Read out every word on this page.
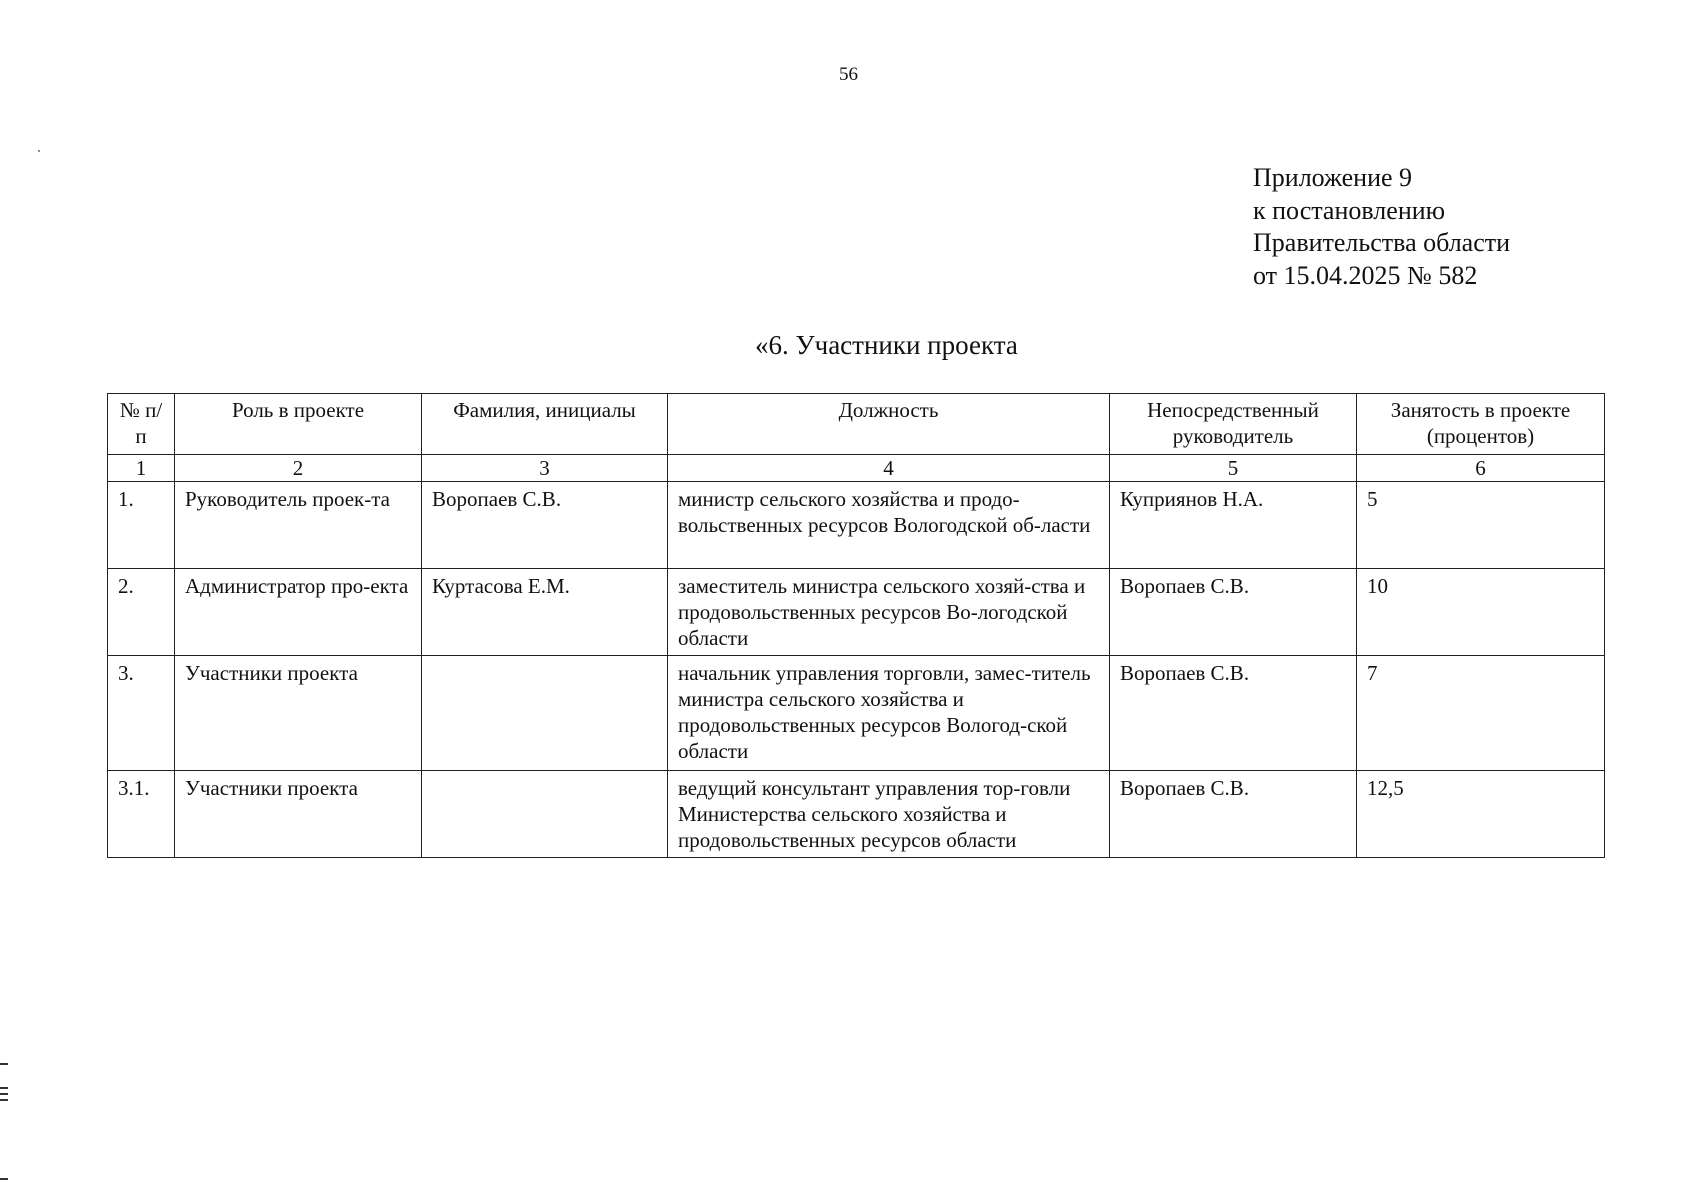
56
Приложение 9
к постановлению
Правительства области
от 15.04.2025 № 582
«6. Участники проекта
№ п/п	Роль в проекте	Фамилия, инициалы	Должность	Непосредственный руководитель	Занятость в проекте (процентов)
1	2	3	4	5	6
1.	Руководитель проек-та	Воропаев С.В.	министр сельского хозяйства и продо-вольственных ресурсов Вологодской об-ласти	Куприянов Н.А.	5
2.	Администратор про-екта	Куртасова Е.М.	заместитель министра сельского хозяй-ства и продовольственных ресурсов Во-логодской области	Воропаев С.В.	10
3.	Участники проекта		начальник управления торговли, замес-титель министра сельского хозяйства и продовольственных ресурсов Вологод-ской области	Воропаев С.В.	7
3.1.	Участники проекта		ведущий консультант управления тор-говли Министерства сельского хозяйства и продовольственных ресурсов области	Воропаев С.В.	12,5
